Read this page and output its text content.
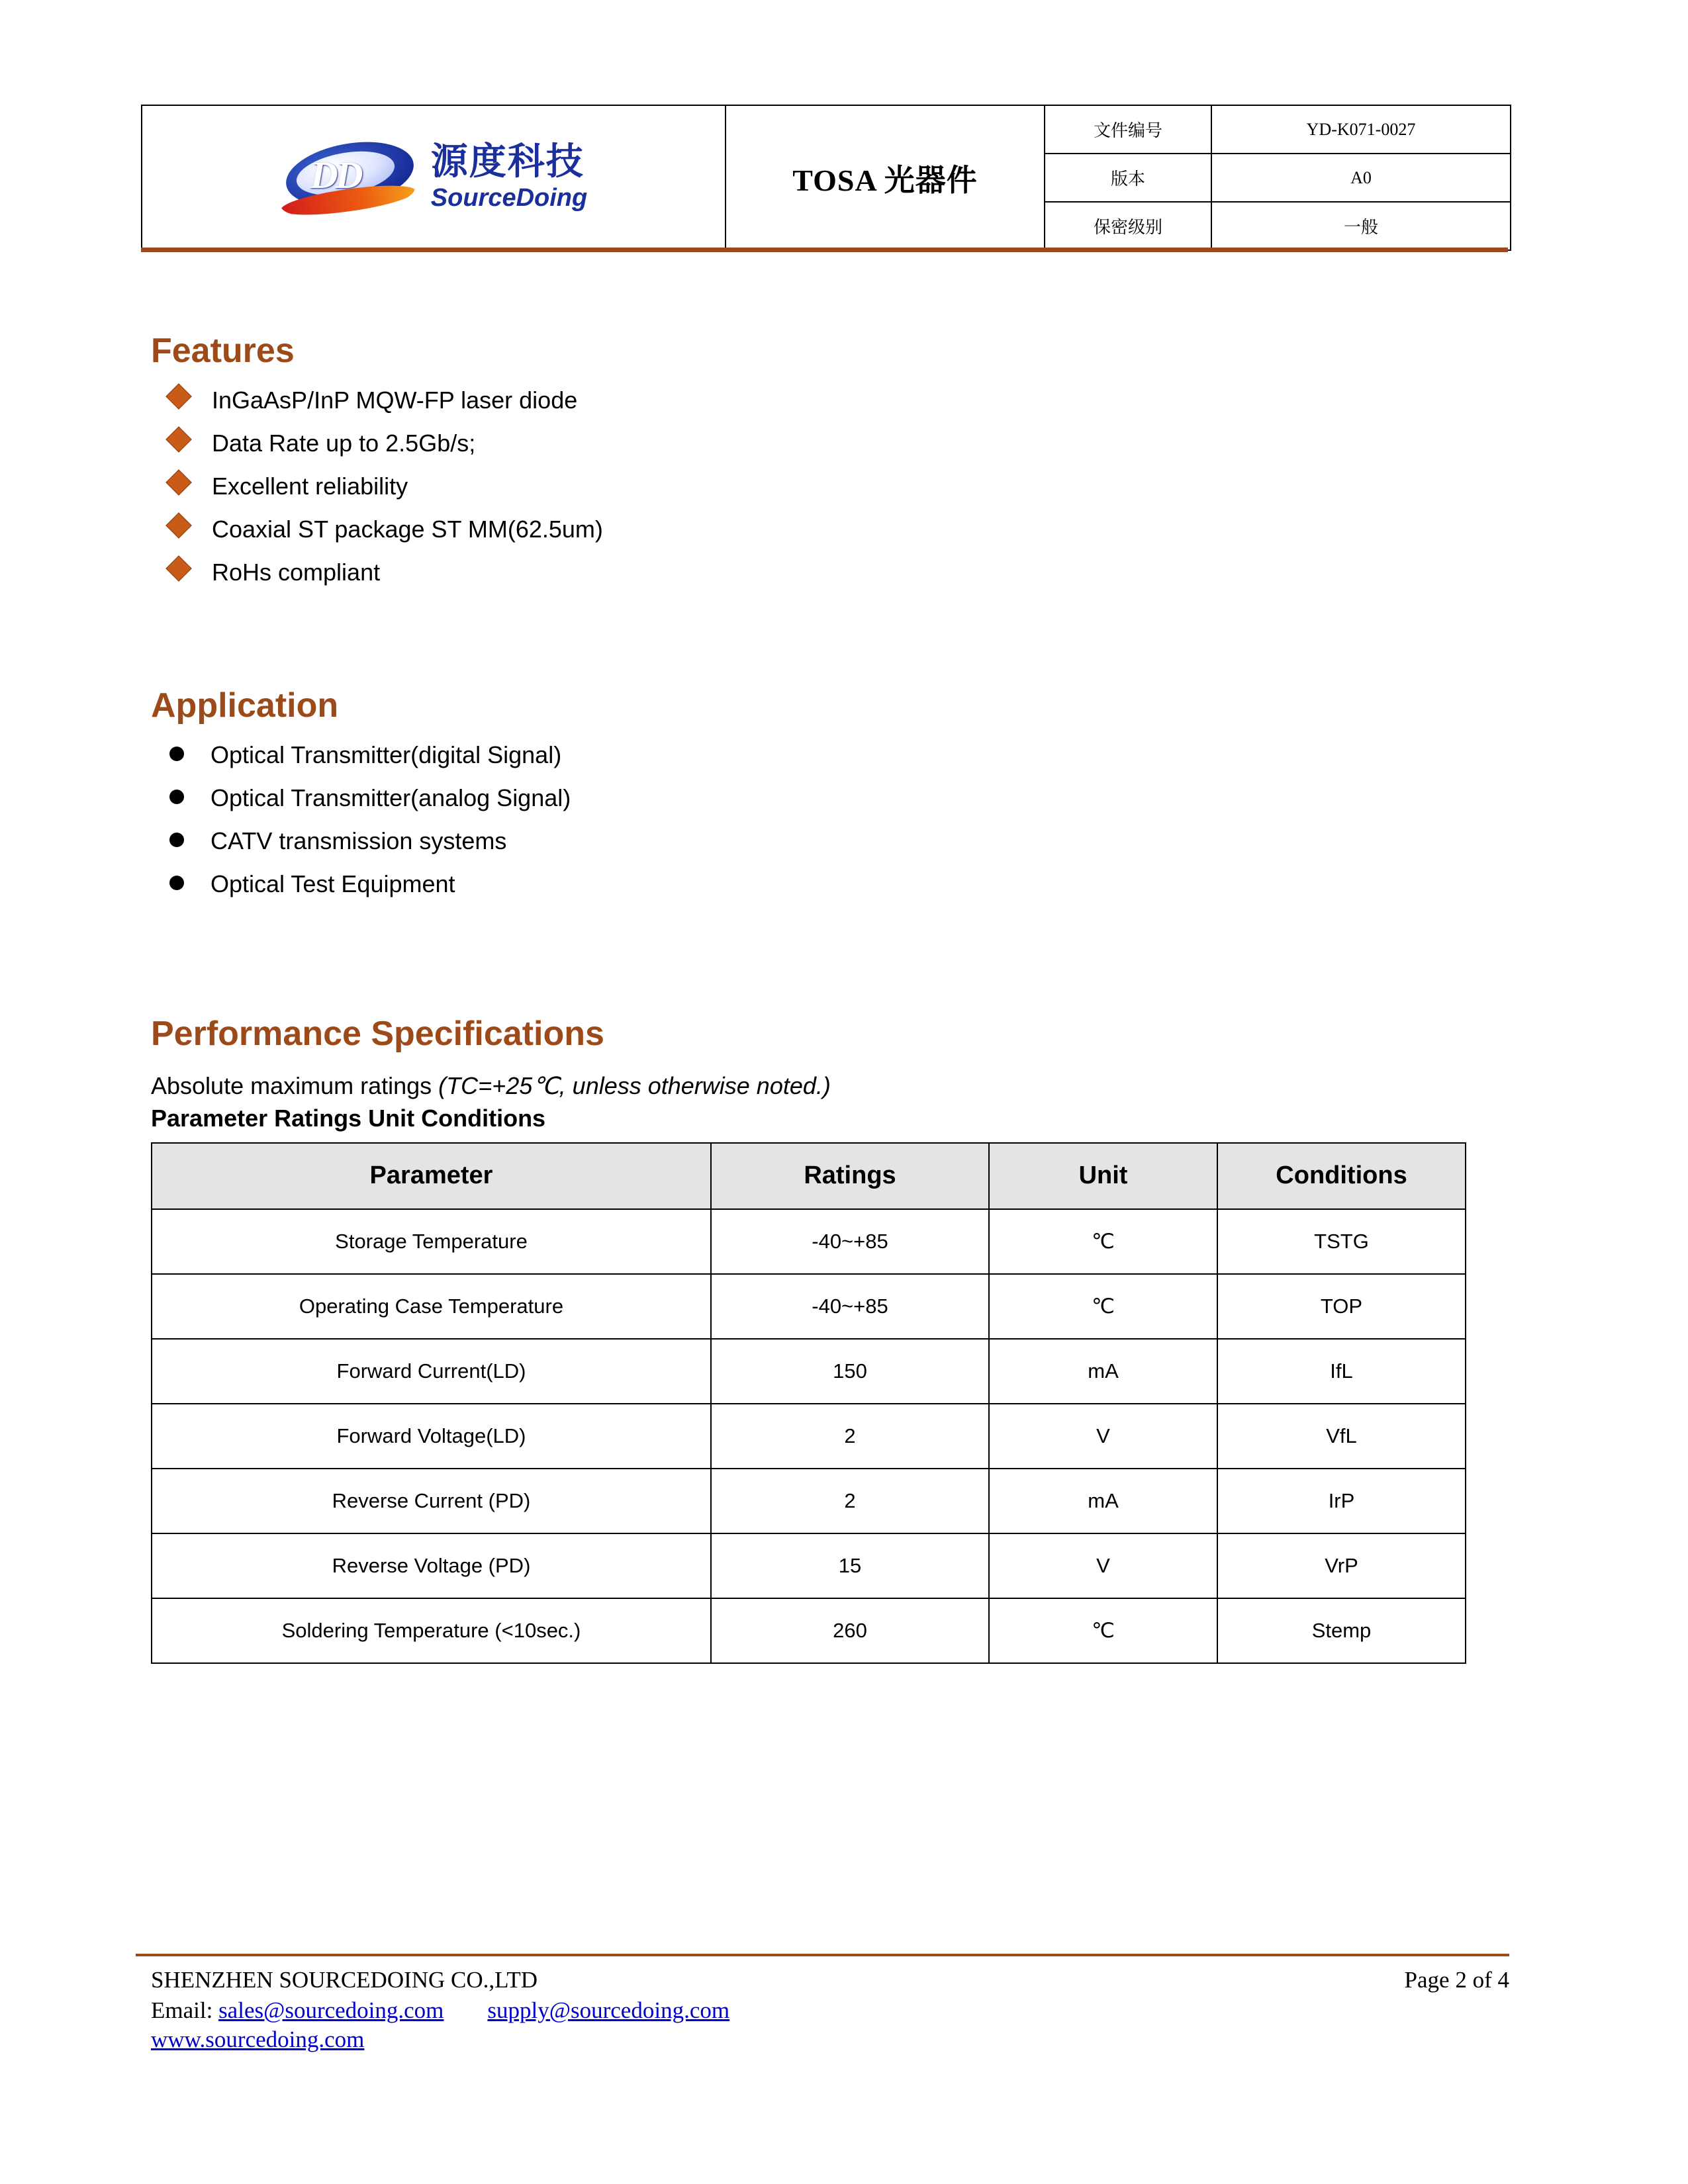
DD 源度科技
SourceDoing	TOSA 光器件	文件编号	YD-K071-0027
		版本	A0
		保密级别	一般
Features
InGaAsP/InP MQW-FP laser diode
Data Rate up to 2.5Gb/s;
Excellent reliability
Coaxial ST package ST MM(62.5um)
RoHs compliant
Application
Optical Transmitter(digital Signal)
Optical Transmitter(analog Signal)
CATV transmission systems
Optical Test Equipment
Performance Specifications

Absolute maximum ratings (TC=+25℃, unless otherwise noted.)

Parameter Ratings Unit Conditions

Parameter	Ratings	Unit	Conditions
Storage Temperature	-40~+85	℃	TSTG
Operating Case Temperature	-40~+85	℃	TOP
Forward Current(LD)	150	mA	IfL
Forward Voltage(LD)	2	V	VfL
Reverse Current (PD)	2	mA	IrP
Reverse Voltage (PD)	15	V	VrP
Soldering Temperature (<10sec.)	260	℃	Stemp
SHENZHEN SOURCEDOING CO.,LTD	Page 2 of 4
Email: sales@sourcedoing.com supply@sourcedoing.com
www.sourcedoing.com
